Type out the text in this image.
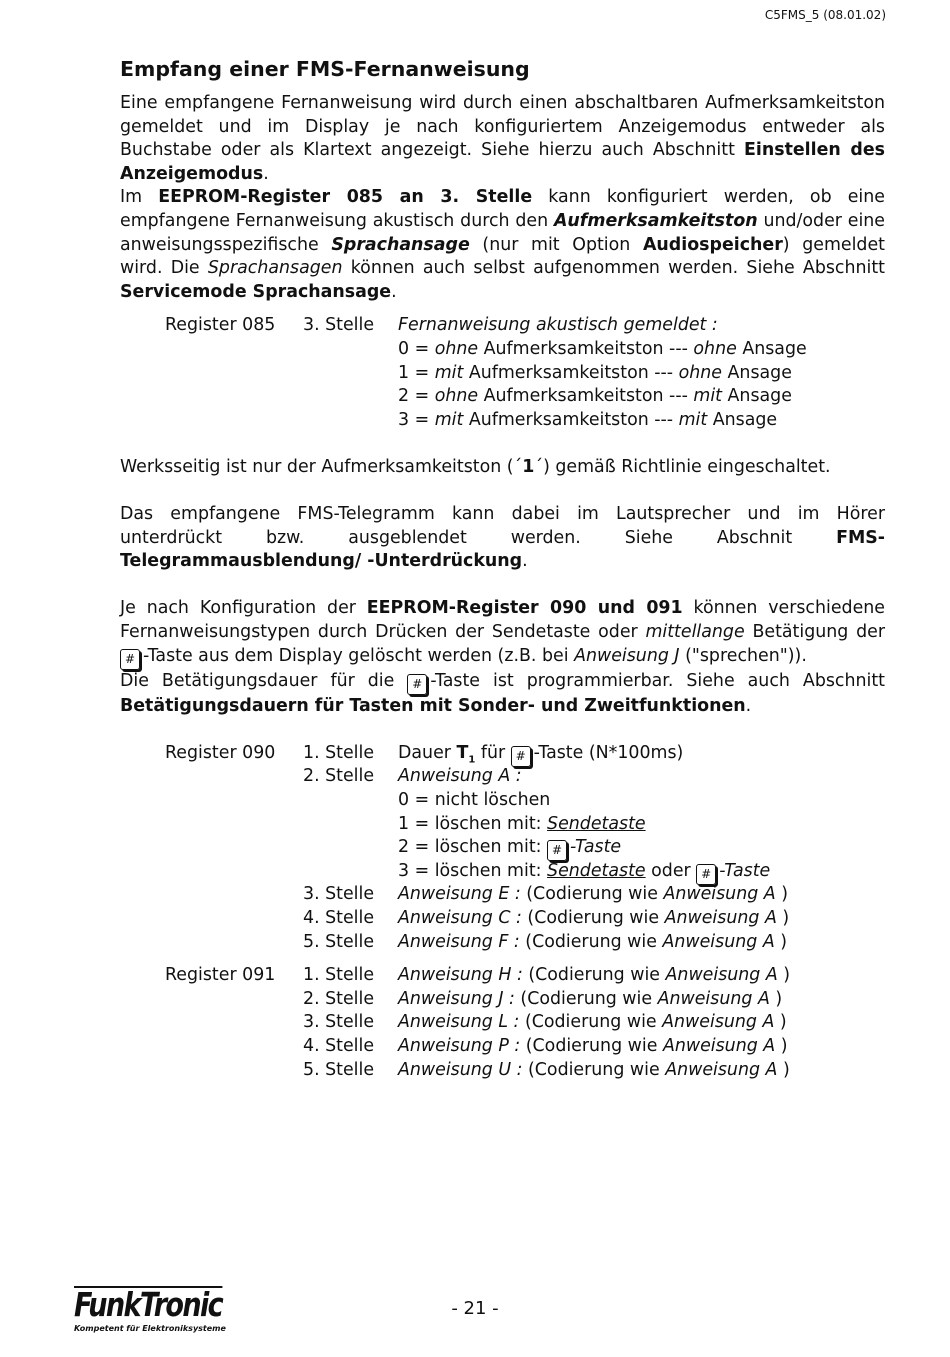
C5FMS_5 (08.01.02)
Empfang einer FMS-Fernanweisung

Eine empfangene Fernanweisung wird durch einen abschaltbaren Aufmerksamkeitston gemeldet und im Display je nach konfiguriertem Anzeigemodus entweder als Buchstabe oder als Klartext angezeigt. Siehe hierzu auch Abschnitt Einstellen des Anzeigemodus.

Im EEPROM-Register 085 an 3. Stelle kann konfiguriert werden, ob eine empfangene Fernanweisung akustisch durch den Aufmerksamkeitston und/oder eine anweisungsspezifische Sprachansage (nur mit Option Audiospeicher) gemeldet wird. Die Sprachansagen können auch selbst aufgenommen werden. Siehe Abschnitt Servicemode Sprachansage.

Register 085	3. Stelle	Fernanweisung akustisch gemeldet :
0 = ohne Aufmerksamkeitston --- ohne Ansage
1 = mit Aufmerksamkeitston --- ohne Ansage
2 = ohne Aufmerksamkeitston --- mit Ansage
3 = mit Aufmerksamkeitston --- mit Ansage

Werksseitig ist nur der Aufmerksamkeitston (´1´) gemäß Richtlinie eingeschaltet.

Das empfangene FMS-Telegramm kann dabei im Lautsprecher und im Hörer unterdrückt bzw. ausgeblendet werden. Siehe Abschnit FMS-Telegrammausblendung/ -Unterdrückung.

Je nach Konfiguration der EEPROM-Register 090 und 091 können verschiedene Fernanweisungstypen durch Drücken der Sendetaste oder mittellange Betätigung der # -Taste aus dem Display gelöscht werden (z.B. bei Anweisung J ("sprechen")).

Die Betätigungsdauer für die # -Taste ist programmierbar. Siehe auch Abschnitt Betätigungsdauern für Tasten mit Sonder- und Zweitfunktionen.

Register 090	1. Stelle	Dauer $T_1$ für # -Taste (N*100ms)
2. Stelle	Anweisung A :
0 = nicht löschen
1 = löschen mit: Sendetaste
2 = löschen mit: # -Taste
3 = löschen mit: Sendetaste oder # -Taste
3. Stelle	Anweisung E : (Codierung wie Anweisung A )
4. Stelle	Anweisung C : (Codierung wie Anweisung A )
5. Stelle	Anweisung F : (Codierung wie Anweisung A )
Register 091	1. Stelle	Anweisung H : (Codierung wie Anweisung A )
2. Stelle	Anweisung J : (Codierung wie Anweisung A )
3. Stelle	Anweisung L : (Codierung wie Anweisung A )
4. Stelle	Anweisung P : (Codierung wie Anweisung A )
5. Stelle	Anweisung U : (Codierung wie Anweisung A )
FunkTronic
Kompetent für Elektroniksysteme
- 21 -
